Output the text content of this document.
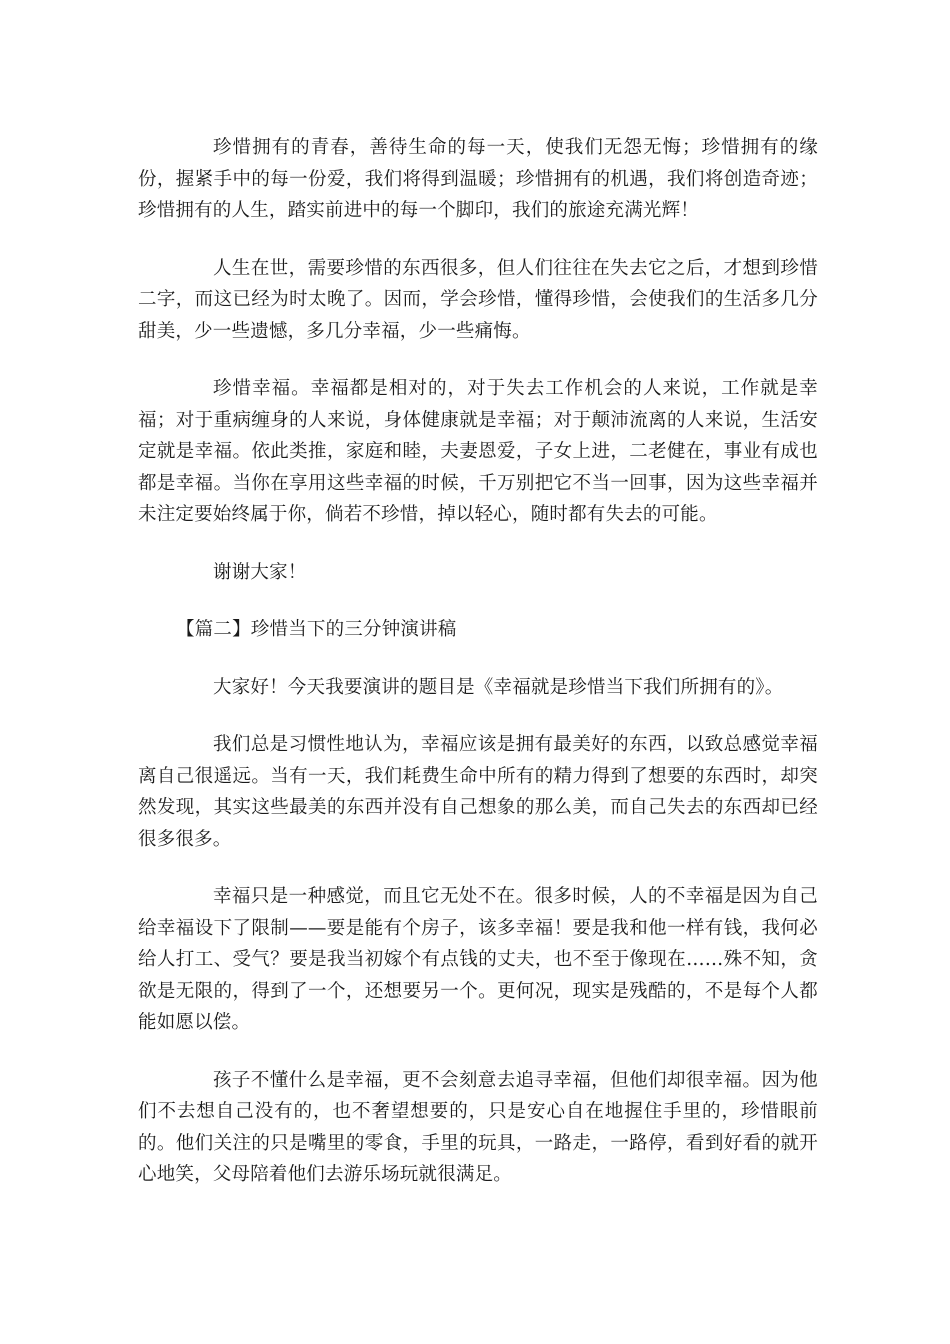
珍惜拥有的青春，善待生命的每一天，使我们无怨无悔；珍惜拥有的缘份，握紧手中的每一份爱，我们将得到温暖；珍惜拥有的机遇，我们将创造奇迹；珍惜拥有的人生，踏实前进中的每一个脚印，我们的旅途充满光辉！

人生在世，需要珍惜的东西很多，但人们往往在失去它之后，才想到珍惜二字，而这已经为时太晚了。因而，学会珍惜，懂得珍惜，会使我们的生活多几分甜美，少一些遗憾，多几分幸福，少一些痛悔。

珍惜幸福。幸福都是相对的，对于失去工作机会的人来说，工作就是幸福；对于重病缠身的人来说，身体健康就是幸福；对于颠沛流离的人来说，生活安定就是幸福。依此类推，家庭和睦，夫妻恩爱，子女上进，二老健在，事业有成也都是幸福。当你在享用这些幸福的时候，千万别把它不当一回事，因为这些幸福并未注定要始终属于你，倘若不珍惜，掉以轻心，随时都有失去的可能。

谢谢大家！

【篇二】珍惜当下的三分钟演讲稿

大家好！今天我要演讲的题目是《幸福就是珍惜当下我们所拥有的》。

我们总是习惯性地认为，幸福应该是拥有最美好的东西，以致总感觉幸福离自己很遥远。当有一天，我们耗费生命中所有的精力得到了想要的东西时，却突然发现，其实这些最美的东西并没有自己想象的那么美，而自己失去的东西却已经很多很多。

幸福只是一种感觉，而且它无处不在。很多时候，人的不幸福是因为自己给幸福设下了限制——要是能有个房子，该多幸福！要是我和他一样有钱，我何必给人打工、受气？要是我当初嫁个有点钱的丈夫，也不至于像现在……殊不知，贪欲是无限的，得到了一个，还想要另一个。更何况，现实是残酷的，不是每个人都能如愿以偿。

孩子不懂什么是幸福，更不会刻意去追寻幸福，但他们却很幸福。因为他们不去想自己没有的，也不奢望想要的，只是安心自在地握住手里的，珍惜眼前的。他们关注的只是嘴里的零食，手里的玩具，一路走，一路停，看到好看的就开心地笑，父母陪着他们去游乐场玩就很满足。
